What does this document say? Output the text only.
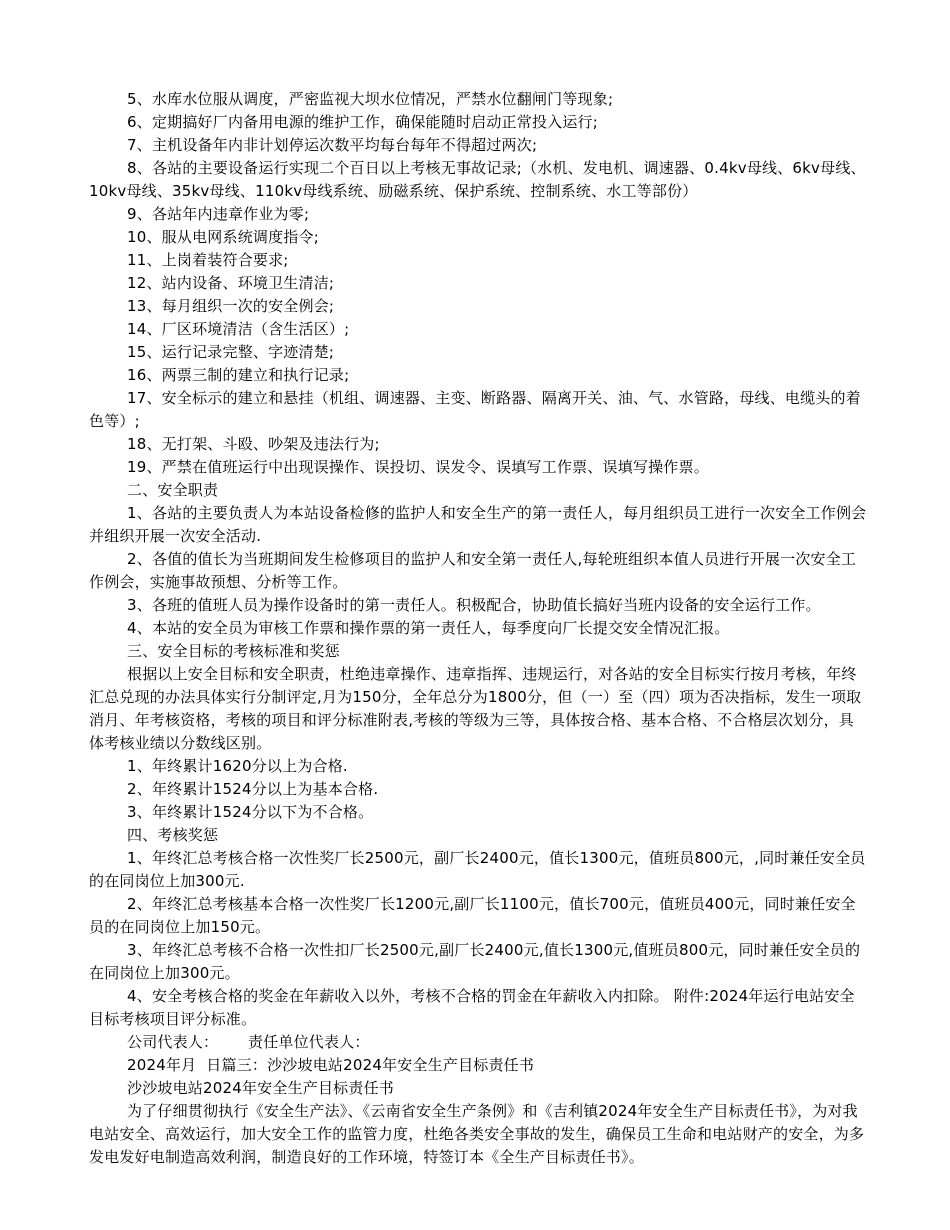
5、水库水位服从调度，严密监视大坝水位情况，严禁水位翻闸门等现象;

6、定期搞好厂内备用电源的维护工作，确保能随时启动正常投入运行;

7、主机设备年内非计划停运次数平均每台每年不得超过两次;

8、各站的主要设备运行实现二个百日以上考核无事故记录;（水机、发电机、调速器、0.4kv母线、6kv母线、10kv母线、35kv母线、110kv母线系统、励磁系统、保护系统、控制系统、水工等部份）

9、各站年内违章作业为零;

10、服从电网系统调度指令;

11、上岗着装符合要求;

12、站内设备、环境卫生清洁;

13、每月组织一次的安全例会;

14、厂区环境清洁（含生活区）;

15、运行记录完整、字迹清楚;

16、两票三制的建立和执行记录;

17、安全标示的建立和悬挂（机组、调速器、主变、断路器、隔离开关、油、气、水管路，母线、电缆头的着色等）;

18、无打架、斗殴、吵架及违法行为;

19、严禁在值班运行中出现误操作、误投切、误发令、误填写工作票、误填写操作票。

二、安全职责

1、各站的主要负责人为本站设备检修的监护人和安全生产的第一责任人，每月组织员工进行一次安全工作例会并组织开展一次安全活动.

2、各值的值长为当班期间发生检修项目的监护人和安全第一责任人,每轮班组织本值人员进行开展一次安全工作例会，实施事故预想、分析等工作。

3、各班的值班人员为操作设备时的第一责任人。积极配合，协助值长搞好当班内设备的安全运行工作。

4、本站的安全员为审核工作票和操作票的第一责任人，每季度向厂长提交安全情况汇报。

三、安全目标的考核标准和奖惩

根据以上安全目标和安全职责，杜绝违章操作、违章指挥、违规运行，对各站的安全目标实行按月考核，年终汇总兑现的办法具体实行分制评定,月为150分，全年总分为1800分，但（一）至（四）项为否决指标，发生一项取消月、年考核资格，考核的项目和评分标准附表,考核的等级为三等，具体按合格、基本合格、不合格层次划分，具体考核业绩以分数线区别。

1、年终累计1620分以上为合格.

2、年终累计1524分以上为基本合格.

3、年终累计1524分以下为不合格。

四、考核奖惩

1、年终汇总考核合格一次性奖厂长2500元，副厂长2400元，值长1300元，值班员800元，,同时兼任安全员的在同岗位上加300元.

2、年终汇总考核基本合格一次性奖厂长1200元,副厂长1100元，值长700元，值班员400元，同时兼任安全员的在同岗位上加150元。

3、年终汇总考核不合格一次性扣厂长2500元,副厂长2400元,值长1300元,值班员800元，同时兼任安全员的在同岗位上加300元。

4、安全考核合格的奖金在年薪收入以外，考核不合格的罚金在年薪收入内扣除。 附件:2024年运行电站安全目标考核项目评分标准。

公司代表人：      责任单位代表人：

2024年月  日篇三：沙沙坡电站2024年安全生产目标责任书

沙沙坡电站2024年安全生产目标责任书

为了仔细贯彻执行《安全生产法》、《云南省安全生产条例》和《吉利镇2024年安全生产目标责任书》，为对我电站安全、高效运行，加大安全工作的监管力度，杜绝各类安全事故的发生，确保员工生命和电站财产的安全，为多发电发好电制造高效利润，制造良好的工作环境，特签订本《全生产目标责任书》。
